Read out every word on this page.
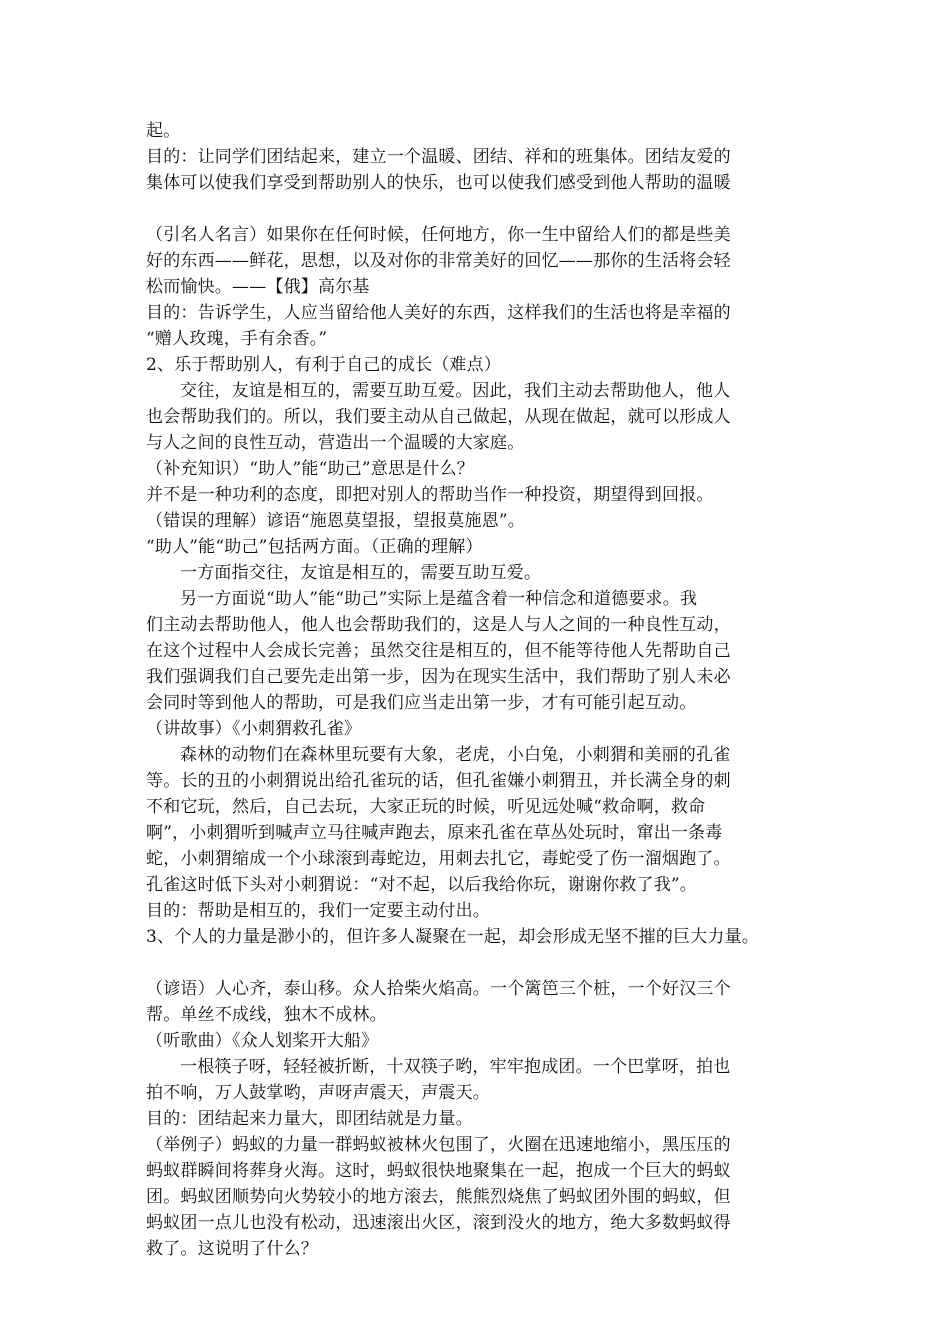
起。
目的：让同学们团结起来，建立一个温暖、团结、祥和的班集体。团结友爱的
集体可以使我们享受到帮助别人的快乐，也可以使我们感受到他人帮助的温暖
（引名人名言）如果你在任何时候，任何地方，你一生中留给人们的都是些美
好的东西——鲜花，思想，以及对你的非常美好的回忆——那你的生活将会轻
松而愉快。——【俄】高尔基
目的：告诉学生，人应当留给他人美好的东西，这样我们的生活也将是幸福的
“赠人玫瑰，手有余香。”
2、乐于帮助别人，有利于自己的成长（难点）
交往，友谊是相互的，需要互助互爱。因此，我们主动去帮助他人，他人
也会帮助我们的。所以，我们要主动从自己做起，从现在做起，就可以形成人
与人之间的良性互动，营造出一个温暖的大家庭。
（补充知识）“助人”能“助己”意思是什么？
并不是一种功利的态度，即把对别人的帮助当作一种投资，期望得到回报。
（错误的理解）谚语“施恩莫望报，望报莫施恩”。
“助人”能“助己”包括两方面。（正确的理解）
一方面指交往，友谊是相互的，需要互助互爱。
另一方面说“助人”能“助己”实际上是蕴含着一种信念和道德要求。我
们主动去帮助他人，他人也会帮助我们的，这是人与人之间的一种良性互动，
在这个过程中人会成长完善；虽然交往是相互的，但不能等待他人先帮助自己
我们强调我们自己要先走出第一步，因为在现实生活中，我们帮助了别人未必
会同时等到他人的帮助，可是我们应当走出第一步，才有可能引起互动。
（讲故事）《小刺猬救孔雀》
森林的动物们在森林里玩要有大象，老虎，小白兔，小刺猬和美丽的孔雀
等。长的丑的小刺猬说出给孔雀玩的话，但孔雀嫌小刺猬丑，并长满全身的刺
不和它玩，然后，自己去玩，大家正玩的时候，听见远处喊“救命啊，救命
啊”，小刺猬听到喊声立马往喊声跑去，原来孔雀在草丛处玩时，窜出一条毒
蛇，小刺猬缩成一个小球滚到毒蛇边，用刺去扎它，毒蛇受了伤一溜烟跑了。
孔雀这时低下头对小刺猬说：“对不起，以后我给你玩，谢谢你救了我”。
目的：帮助是相互的，我们一定要主动付出。
3、个人的力量是渺小的，但许多人凝聚在一起，却会形成无坚不摧的巨大力量。
（谚语）人心齐，泰山移。众人拾柴火焰高。一个篱笆三个桩，一个好汉三个
帮。单丝不成线，独木不成林。
（听歌曲）《众人划桨开大船》
一根筷子呀，轻轻被折断，十双筷子哟，牢牢抱成团。一个巴掌呀，拍也
拍不响，万人鼓掌哟，声呀声震天，声震天。
目的：团结起来力量大，即团结就是力量。
（举例子）蚂蚁的力量一群蚂蚁被林火包围了，火圈在迅速地缩小，黑压压的
蚂蚁群瞬间将葬身火海。这时，蚂蚁很快地聚集在一起，抱成一个巨大的蚂蚁
团。蚂蚁团顺势向火势较小的地方滚去，熊熊烈烧焦了蚂蚁团外围的蚂蚁，但
蚂蚁团一点儿也没有松动，迅速滚出火区，滚到没火的地方，绝大多数蚂蚁得
救了。这说明了什么？
